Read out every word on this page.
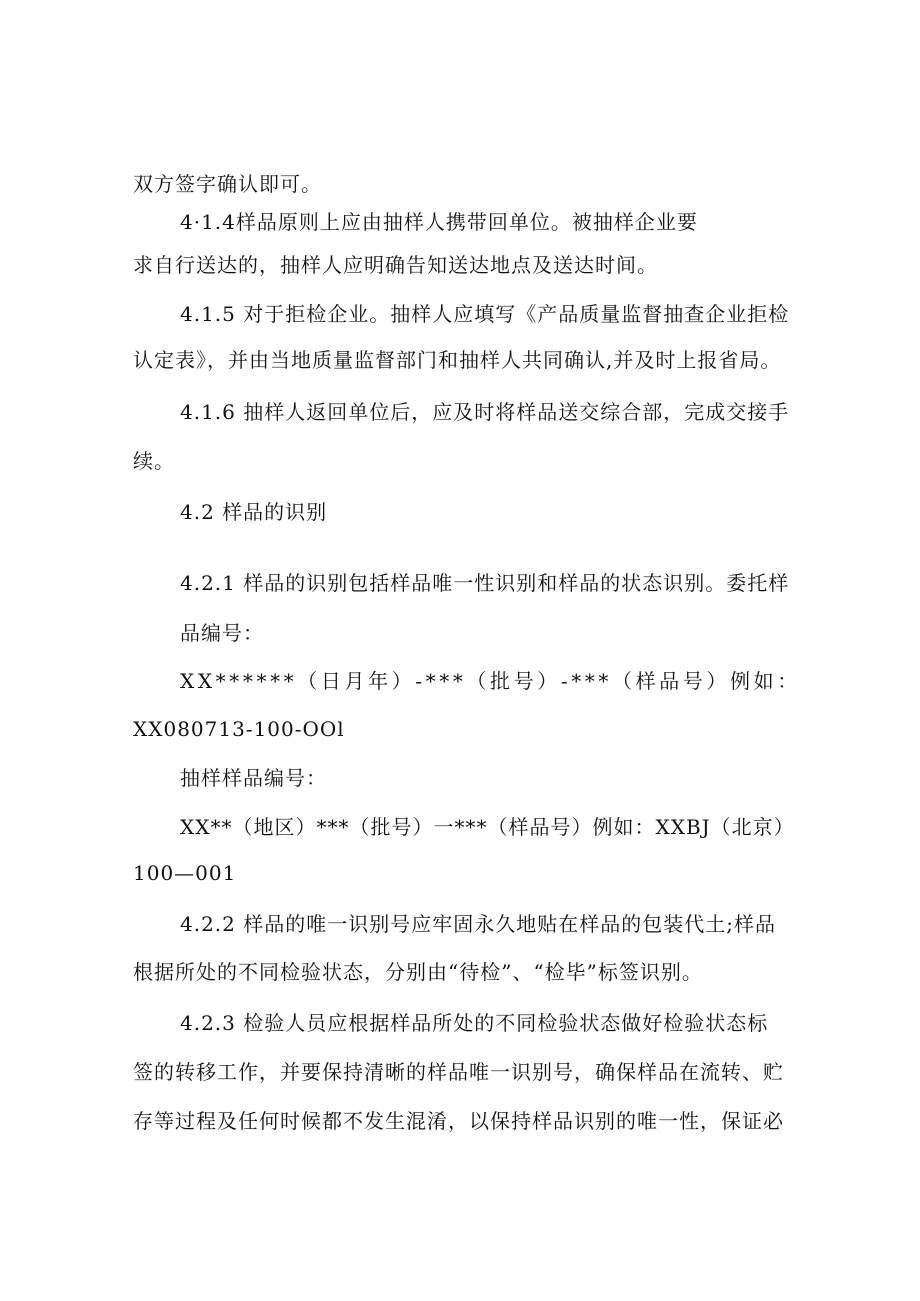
双方签字确认即可。
4·1.4样品原则上应由抽样人携带回单位。被抽样企业要
求自行送达的，抽样人应明确告知送达地点及送达时间。
4.1.5 对于拒检企业。抽样人应填写《产品质量监督抽查企业拒检
认定表》，并由当地质量监督部门和抽样人共同确认,并及时上报省局。
4.1.6 抽样人返回单位后，应及时将样品送交综合部，完成交接手
续。
4.2 样品的识别
4.2.1 样品的识别包括样品唯一性识别和样品的状态识别。委托样
品编号：
XX******（日月年）-***（批号）-***（样品号）例如：
XX080713-100-OOl
抽样样品编号：
XX**（地区）***（批号）一***（样品号）例如：XXBJ（北京）
100—001
4.2.2 样品的唯一识别号应牢固永久地贴在样品的包装代土;样品
根据所处的不同检验状态，分别由“待检”、“检毕”标签识别。
4.2.3 检验人员应根据样品所处的不同检验状态做好检验状态标
签的转移工作，并要保持清晰的样品唯一识别号，确保样品在流转、贮
存等过程及任何时候都不发生混淆，以保持样品识别的唯一性，保证必
